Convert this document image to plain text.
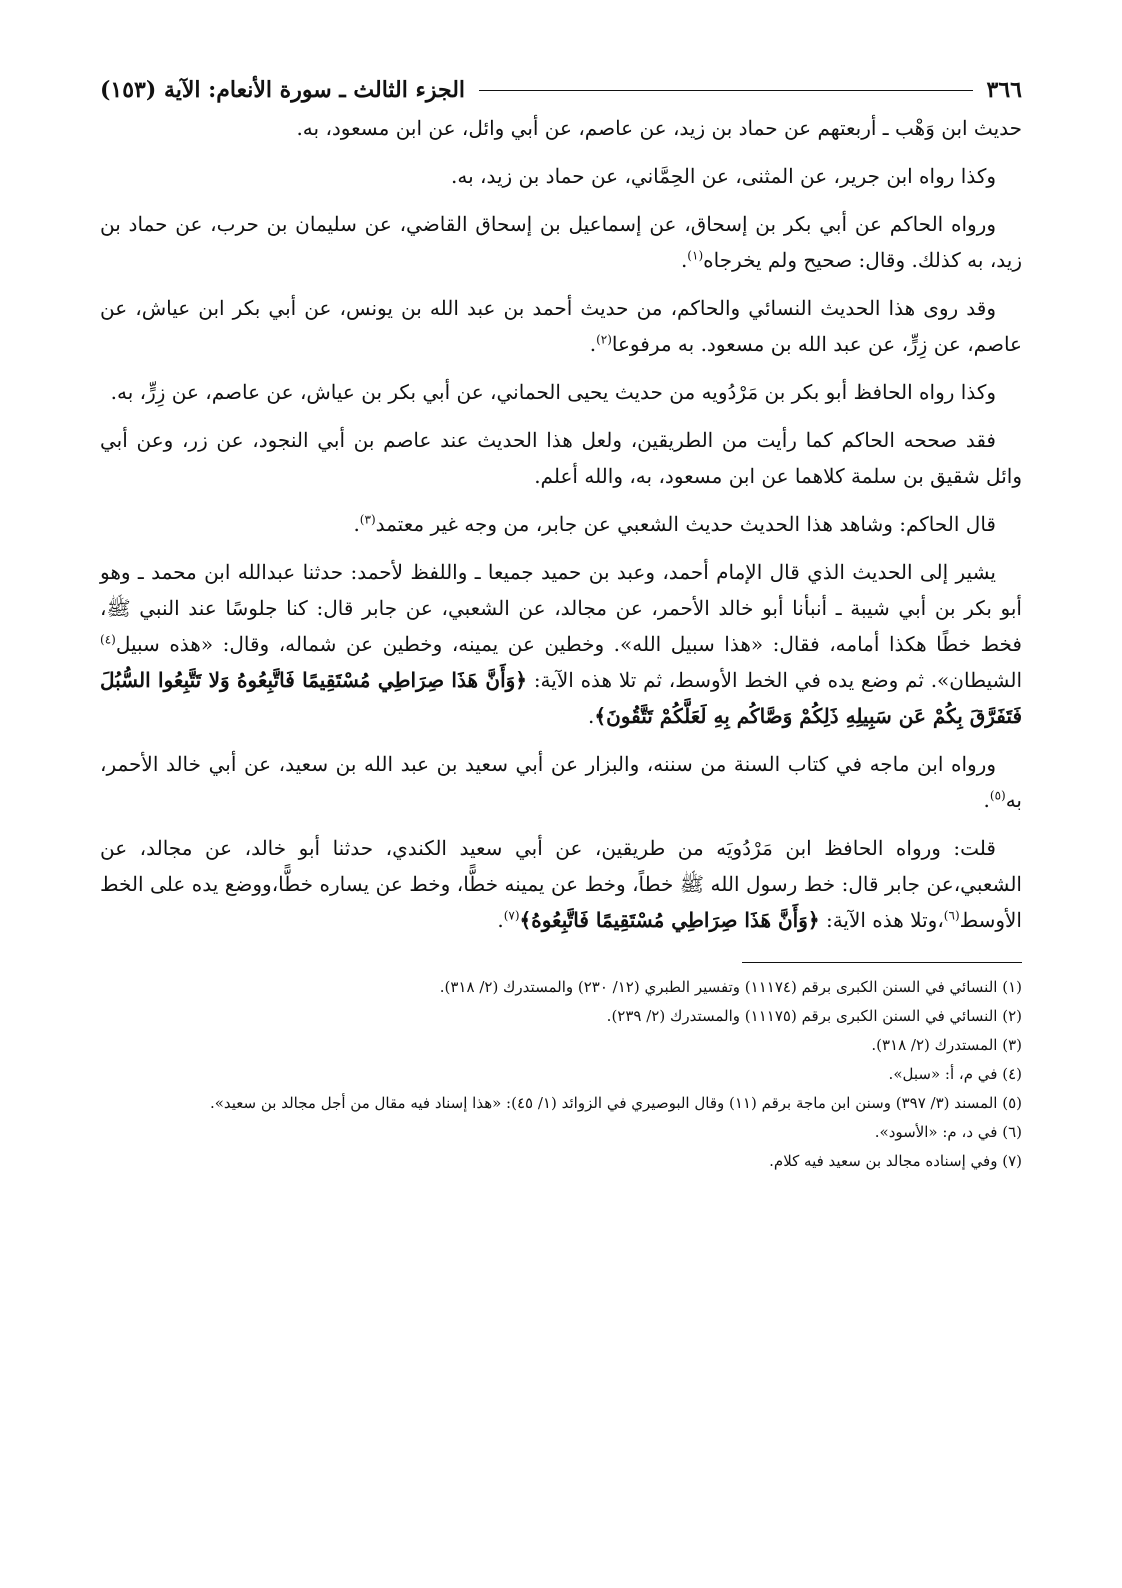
٣٦٦
الجزء الثالث ـ سورة الأنعام: الآية (١٥٣)

حديث ابن وَهْب ـ أربعتهم عن حماد بن زيد، عن عاصم، عن أبي وائل، عن ابن مسعود، به.

وكذا رواه ابن جرير، عن المثنى، عن الحِمَّاني، عن حماد بن زيد، به.

ورواه الحاكم عن أبي بكر بن إسحاق، عن إسماعيل بن إسحاق القاضي، عن سليمان بن حرب، عن حماد بن زيد، به كذلك. وقال: صحيح ولم يخرجاه$^{(١)}$.

وقد روى هذا الحديث النسائي والحاكم، من حديث أحمد بن عبد الله بن يونس، عن أبي بكر ابن عياش، عن عاصم، عن زِرٍّ، عن عبد الله بن مسعود. به مرفوعا$^{(٢)}$.

وكذا رواه الحافظ أبو بكر بن مَرْدُويه من حديث يحيى الحماني، عن أبي بكر بن عياش، عن عاصم، عن زِرٍّ، به.

فقد صححه الحاكم كما رأيت من الطريقين، ولعل هذا الحديث عند عاصم بن أبي النجود، عن زر، وعن أبي وائل شقيق بن سلمة كلاهما عن ابن مسعود، به، والله أعلم.

قال الحاكم: وشاهد هذا الحديث حديث الشعبي عن جابر، من وجه غير معتمد$^{(٣)}$.

يشير إلى الحديث الذي قال الإمام أحمد، وعبد بن حميد جميعا ـ واللفظ لأحمد: حدثنا عبدالله ابن محمد ـ وهو أبو بكر بن أبي شيبة ـ أنبأنا أبو خالد الأحمر، عن مجالد، عن الشعبي، عن جابر قال: كنا جلوسًا عند النبي ﷺ، فخط خطًا هكذا أمامه، فقال: «هذا سبيل الله». وخطين عن يمينه، وخطين عن شماله، وقال: «هذه سبيل$^{(٤)}$ الشيطان». ثم وضع يده في الخط الأوسط، ثم تلا هذه الآية: ﴿وَأَنَّ هَذَا صِرَاطِي مُسْتَقِيمًا فَاتَّبِعُوهُ وَلا تَتَّبِعُوا السُّبُلَ فَتَفَرَّقَ بِكُمْ عَن سَبِيلِهِ ذَلِكُمْ وَصَّاكُم بِهِ لَعَلَّكُمْ تَتَّقُونَ﴾.

ورواه ابن ماجه في كتاب السنة من سننه، والبزار عن أبي سعيد بن عبد الله بن سعيد، عن أبي خالد الأحمر، به$^{(٥)}$.

قلت: ورواه الحافظ ابن مَرْدُويَه من طريقين، عن أبي سعيد الكندي، حدثنا أبو خالد، عن مجالد، عن الشعبي،عن جابر قال: خط رسول الله ﷺ خطاً، وخط عن يمينه خطًّا، وخط عن يساره خطًّا،ووضع يده على الخط الأوسط$^{(٦)}$،وتلا هذه الآية: ﴿وَأَنَّ هَذَا صِرَاطِي مُسْتَقِيمًا فَاتَّبِعُوهُ﴾$^{(٧)}$.

(١) النسائي في السنن الكبرى برقم (١١١٧٤) وتفسير الطبري (١٢/ ٢٣٠) والمستدرك (٢/ ٣١٨).
(٢) النسائي في السنن الكبرى برقم (١١١٧٥) والمستدرك (٢/ ٢٣٩).
(٣) المستدرك (٢/ ٣١٨).
(٤) في م، أ: «سبل».
(٥) المسند (٣/ ٣٩٧) وسنن ابن ماجة برقم (١١) وقال البوصيري في الزوائد (١/ ٤٥): «هذا إسناد فيه مقال من أجل مجالد بن سعيد».
(٦) في د، م: «الأسود».
(٧) وفي إسناده مجالد بن سعيد فيه كلام.
